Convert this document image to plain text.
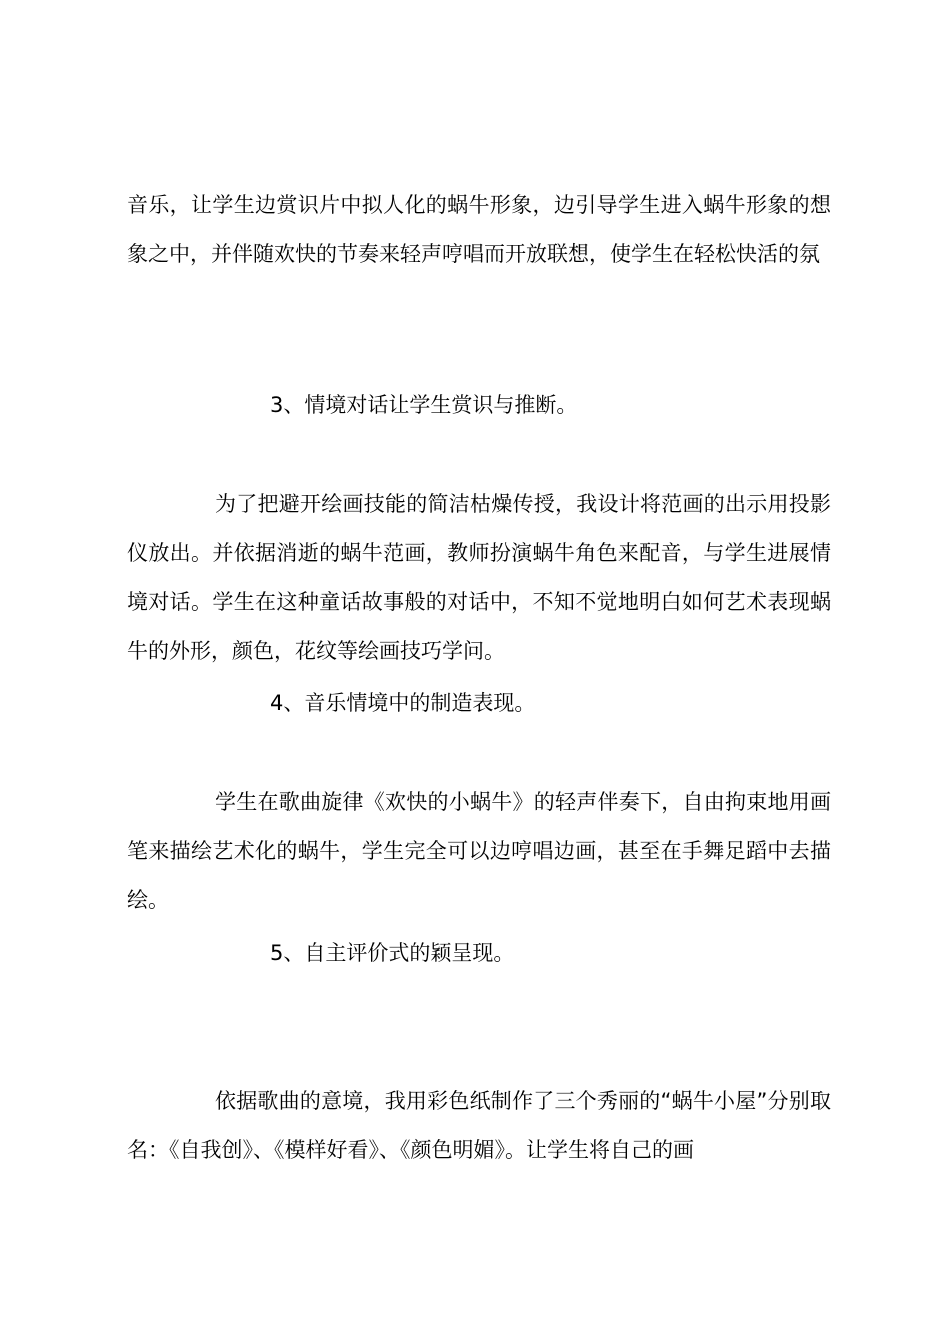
音乐，让学生边赏识片中拟人化的蜗牛形象，边引导学生进入蜗牛形象的想象之中，并伴随欢快的节奏来轻声哼唱而开放联想，使学生在轻松快活的氛

3、情境对话让学生赏识与推断。

为了把避开绘画技能的简洁枯燥传授，我设计将范画的出示用投影仪放出。并依据消逝的蜗牛范画，教师扮演蜗牛角色来配音，与学生进展情境对话。学生在这种童话故事般的对话中，不知不觉地明白如何艺术表现蜗牛的外形，颜色，花纹等绘画技巧学问。

4、音乐情境中的制造表现。

学生在歌曲旋律《欢快的小蜗牛》的轻声伴奏下，自由拘束地用画笔来描绘艺术化的蜗牛，学生完全可以边哼唱边画，甚至在手舞足蹈中去描绘。

5、自主评价式的颖呈现。

依据歌曲的意境，我用彩色纸制作了三个秀丽的“蜗牛小屋”分别取名：《自我创》、《模样好看》、《颜色明媚》。让学生将自己的画
